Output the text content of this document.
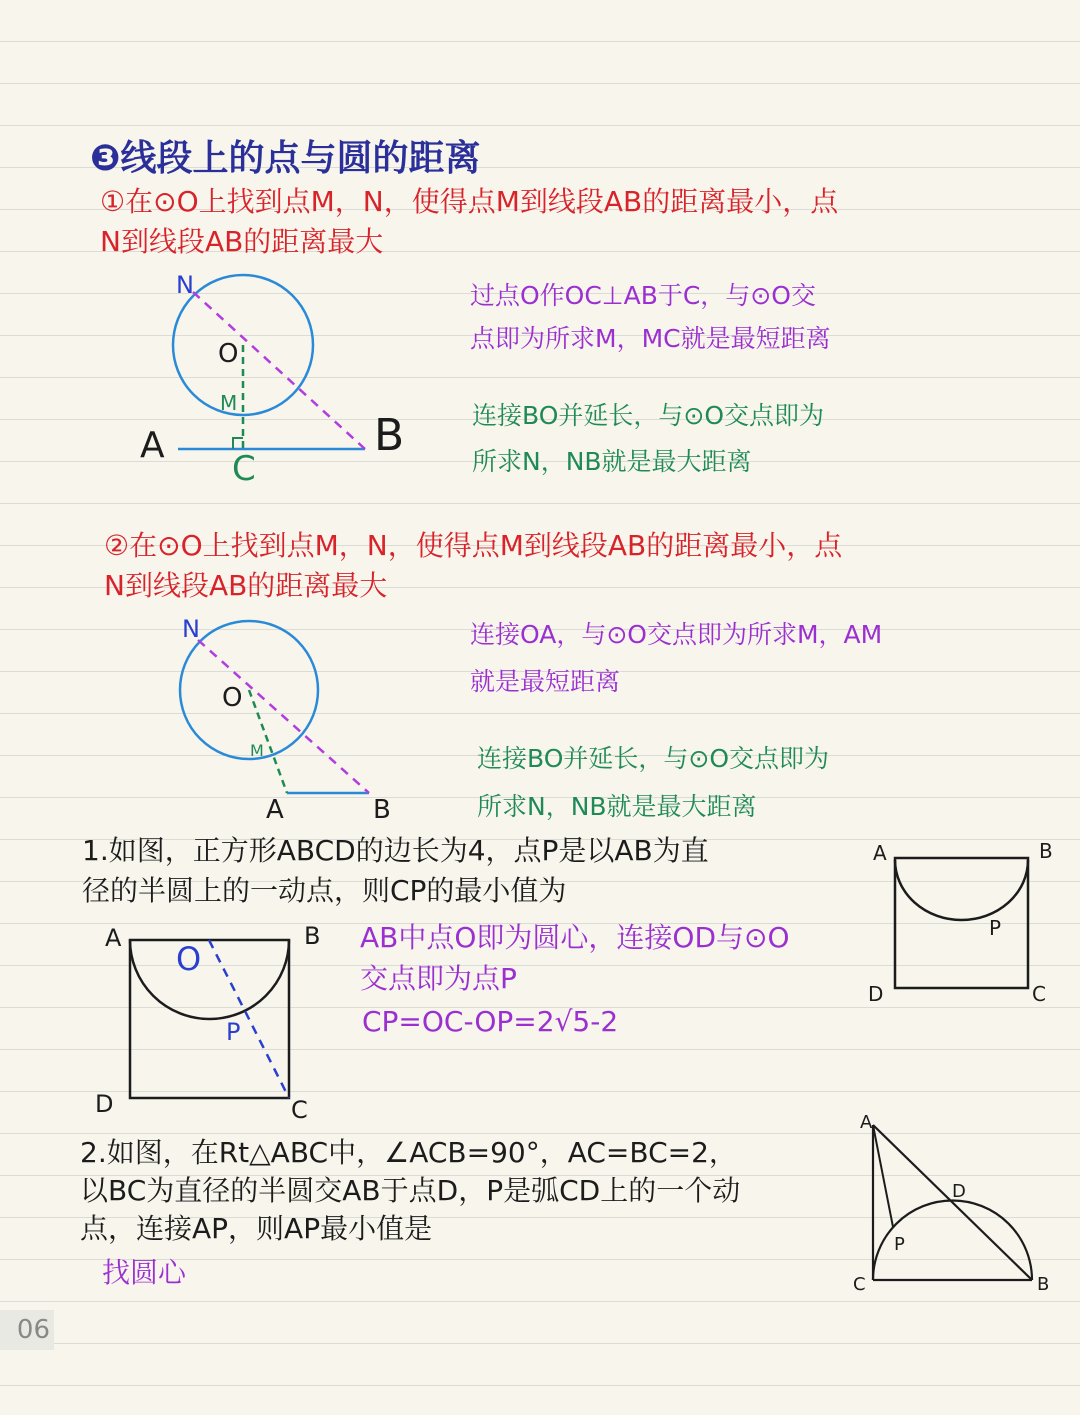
❸线段上的点与圆的距离
①在⊙O上找到点M，N，使得点M到线段AB的距离最小，点
N到线段AB的距离最大
N
O
M
A	B
C
过点O作OC⊥AB于C，与⊙O交
点即为所求M，MC就是最短距离
连接BO并延长，与⊙O交点即为
所求N，NB就是最大距离
②在⊙O上找到点M，N，使得点M到线段AB的距离最小，点
N到线段AB的距离最大
N
O
M
A	B
连接OA，与⊙O交点即为所求M，AM
就是最短距离
连接BO并延长，与⊙O交点即为
所求N，NB就是最大距离
1.如图，正方形ABCD的边长为4，点P是以AB为直
径的半圆上的一动点，则CP的最小值为
A	B
P
D	C
A	B
O
P
D	C
AB中点O即为圆心，连接OD与⊙O
交点即为点P
CP=OC-OP=2√5-2
2.如图，在Rt△ABC中，∠ACB=90°，AC=BC=2，
以BC为直径的半圆交AB于点D，P是弧CD上的一个动
点，连接AP，则AP最小值是
找圆心
A
D
P
C	B
06
